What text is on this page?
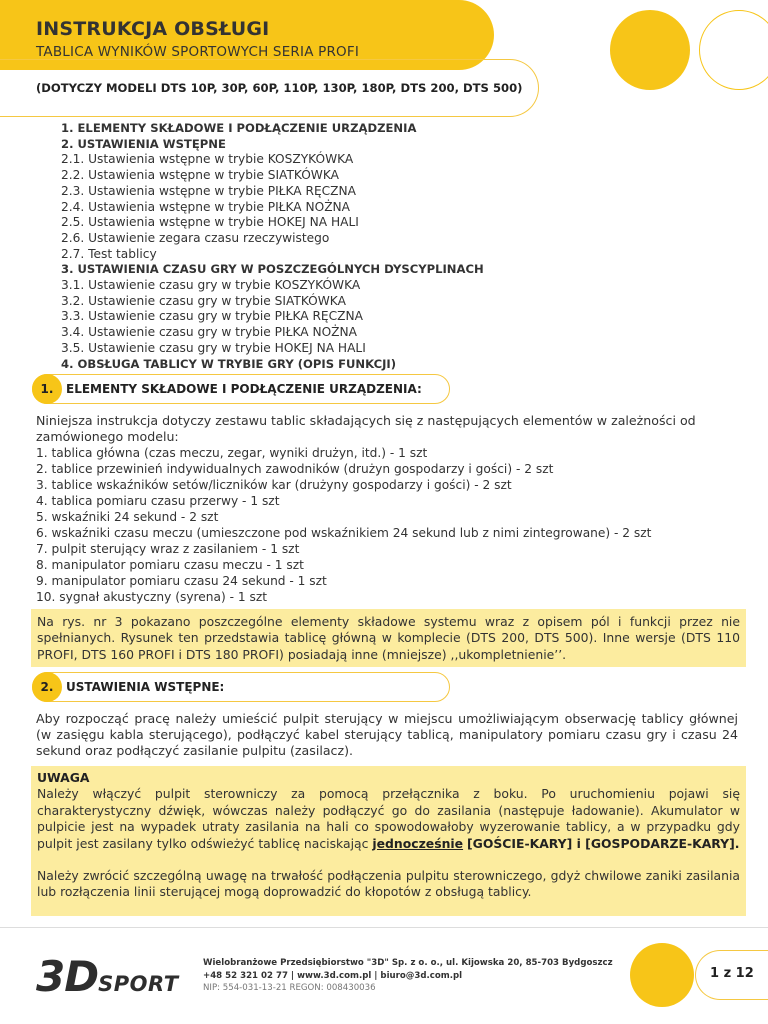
INSTRUKCJA OBSŁUGI
TABLICA WYNIKÓW SPORTOWYCH SERIA PROFI
(DOTYCZY MODELI DTS 10P, 30P, 60P, 110P, 130P, 180P, DTS 200, DTS 500)
1. ELEMENTY SKŁADOWE I PODŁĄCZENIE URZĄDZENIA
2. USTAWIENIA WSTĘPNE
2.1. Ustawienia wstępne w trybie KOSZYKÓWKA
2.2. Ustawienia wstępne w trybie SIATKÓWKA
2.3. Ustawienia wstępne w trybie PIŁKA RĘCZNA
2.4. Ustawienia wstępne w trybie PIŁKA NOŻNA
2.5. Ustawienia wstępne w trybie HOKEJ NA HALI
2.6. Ustawienie zegara czasu rzeczywistego
2.7. Test tablicy
3. USTAWIENIA CZASU GRY W POSZCZEGÓLNYCH DYSCYPLINACH
3.1. Ustawienie czasu gry w trybie KOSZYKÓWKA
3.2. Ustawienie czasu gry w trybie SIATKÓWKA
3.3. Ustawienie czasu gry w trybie PIŁKA RĘCZNA
3.4. Ustawienie czasu gry w trybie PIŁKA NOŻNA
3.5. Ustawienie czasu gry w trybie HOKEJ NA HALI
4. OBSŁUGA TABLICY W TRYBIE GRY (OPIS FUNKCJI)
1.	ELEMENTY SKŁADOWE I PODŁĄCZENIE URZĄDZENIA:
Niniejsza instrukcja dotyczy zestawu tablic składających się z następujących elementów w zależności od zamówionego modelu:
1. tablica główna (czas meczu, zegar, wyniki drużyn, itd.) - 1 szt
2. tablice przewinień indywidualnych zawodników (drużyn gospodarzy i gości) - 2 szt
3. tablice wskaźników setów/liczników kar (drużyny gospodarzy i gości) - 2 szt
4. tablica pomiaru czasu przerwy - 1 szt
5. wskaźniki 24 sekund - 2 szt
6. wskaźniki czasu meczu (umieszczone pod wskaźnikiem 24 sekund lub z nimi zintegrowane) - 2 szt
7. pulpit sterujący wraz z zasilaniem - 1 szt
8. manipulator pomiaru czasu meczu - 1 szt
9. manipulator pomiaru czasu 24 sekund - 1 szt
10. sygnał akustyczny (syrena) - 1 szt
Na rys. nr 3 pokazano poszczególne elementy składowe systemu wraz z opisem pól i funkcji przez nie spełnianych. Rysunek ten przedstawia tablicę główną w komplecie (DTS 200, DTS 500). Inne wersje (DTS 110 PROFI, DTS 160 PROFI i DTS 180 PROFI) posiadają inne (mniejsze) ,,ukompletnienie’’.
2.	USTAWIENIA WSTĘPNE:
Aby rozpocząć pracę należy umieścić pulpit sterujący w miejscu umożliwiającym obserwację tablicy głównej (w zasięgu kabla sterującego), podłączyć kabel sterujący tablicą, manipulatory pomiaru czasu gry i czasu 24 sekund oraz podłączyć zasilanie pulpitu (zasilacz).
UWAGA
Należy włączyć pulpit sterowniczy za pomocą przełącznika z boku. Po uruchomieniu pojawi się charakterystyczny dźwięk, wówczas należy podłączyć go do zasilania (następuje ładowanie). Akumulator w pulpicie jest na wypadek utraty zasilania na hali co spowodowałoby wyzerowanie tablicy, a w przypadku gdy pulpit jest zasilany tylko odświeżyć tablicę naciskając jednocześnie [GOŚCIE-KARY] i [GOSPODARZE-KARY].
Należy zwrócić szczególną uwagę na trwałość podłączenia pulpitu sterowniczego, gdyż chwilowe zaniki zasilania lub rozłączenia linii sterującej mogą doprowadzić do kłopotów z obsługą tablicy.
3DSPORT
Wielobranżowe Przedsiębiorstwo "3D" Sp. z o. o., ul. Kijowska 20, 85-703 Bydgoszcz
+48 52 321 02 77 | www.3d.com.pl | biuro@3d.com.pl
NIP: 554-031-13-21 REGON: 008430036
1 z 12
